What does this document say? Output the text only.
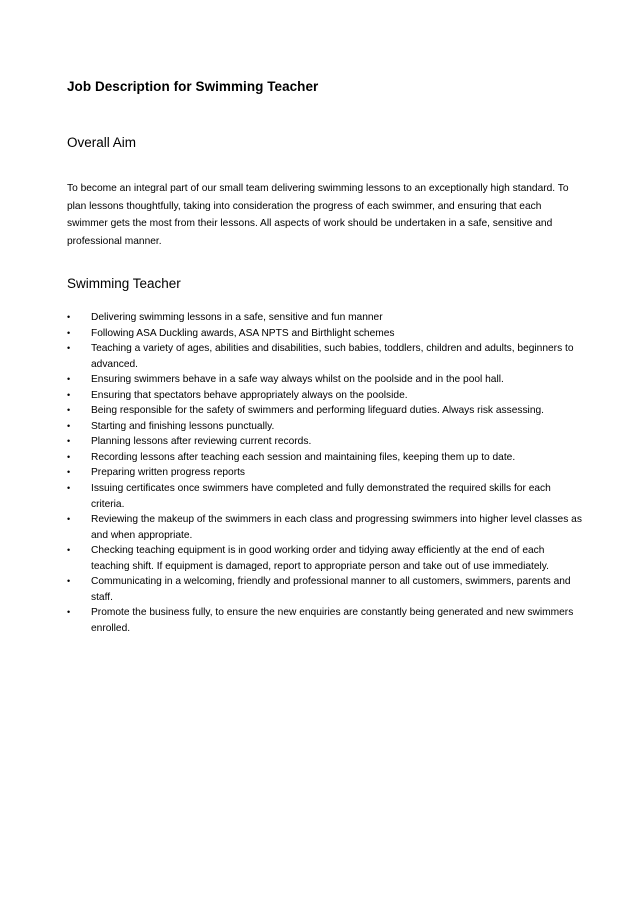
Job Description for Swimming Teacher
Overall Aim

To become an integral part of our small team delivering swimming lessons to an exceptionally high standard. To plan lessons thoughtfully, taking into consideration the progress of each swimmer, and ensuring that each swimmer gets the most from their lessons. All aspects of work should be undertaken in a safe, sensitive and professional manner.

Swimming Teacher
• Delivering swimming lessons in a safe, sensitive and fun manner
• Following ASA Duckling awards, ASA NPTS and Birthlight schemes
• Teaching a variety of ages, abilities and disabilities, such babies, toddlers, children and adults, beginners to advanced.
• Ensuring swimmers behave in a safe way always whilst on the poolside and in the pool hall.
• Ensuring that spectators behave appropriately always on the poolside.
• Being responsible for the safety of swimmers and performing lifeguard duties. Always risk assessing.
• Starting and finishing lessons punctually.
• Planning lessons after reviewing current records.
• Recording lessons after teaching each session and maintaining files, keeping them up to date.
• Preparing written progress reports
• Issuing certificates once swimmers have completed and fully demonstrated the required skills for each criteria.
• Reviewing the makeup of the swimmers in each class and progressing swimmers into higher level classes as and when appropriate.
• Checking teaching equipment is in good working order and tidying away efficiently at the end of each teaching shift. If equipment is damaged, report to appropriate person and take out of use immediately.
• Communicating in a welcoming, friendly and professional manner to all customers, swimmers, parents and staff.
• Promote the business fully, to ensure the new enquiries are constantly being generated and new swimmers enrolled.
